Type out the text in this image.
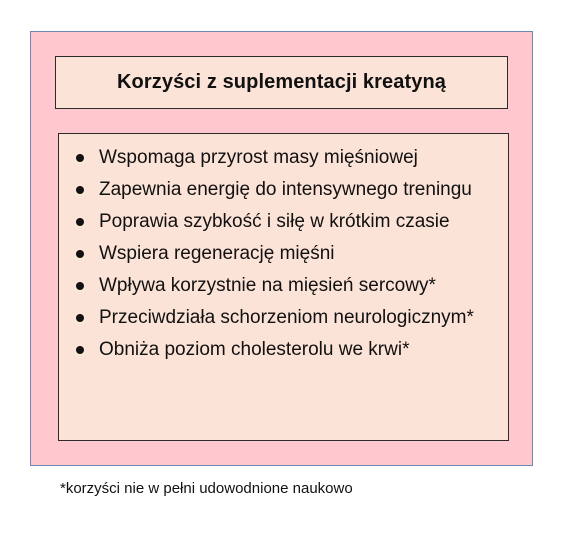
Korzyści z suplementacji kreatyną
Wspomaga przyrost masy mięśniowej
Zapewnia energię do intensywnego treningu
Poprawia szybkość i siłę w krótkim czasie
Wspiera regenerację mięśni
Wpływa korzystnie na mięsień sercowy*
Przeciwdziała schorzeniom neurologicznym*
Obniża poziom cholesterolu we krwi*
*korzyści nie w pełni udowodnione naukowo
